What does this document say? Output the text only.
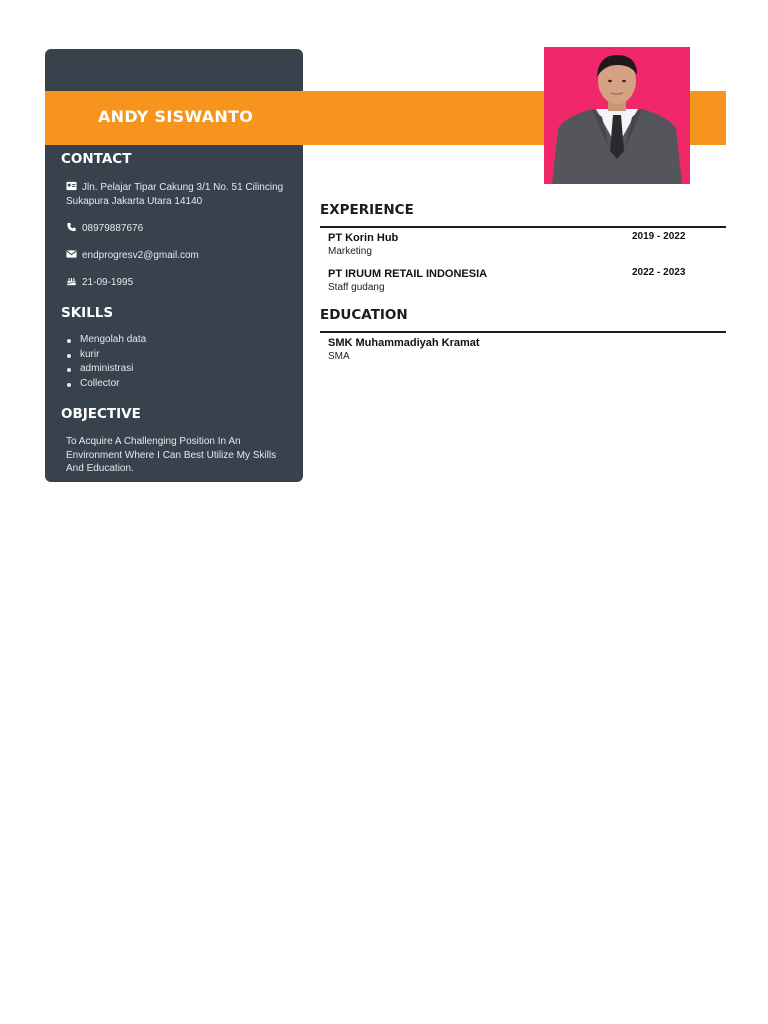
ANDY SISWANTO
CONTACT
Jln. Pelajar Tipar Cakung 3/1 No. 51 Cilincing Sukapura Jakarta Utara 14140
08979887676
endprogresv2@gmail.com
21-09-1995
SKILLS
Mengolah data
kurir
administrasi
Collector
OBJECTIVE
To Acquire A Challenging Position In An Environment Where I Can Best Utilize My Skills And Education.
EXPERIENCE
PT Korin Hub
Marketing
2019 - 2022
PT IRUUM RETAIL INDONESIA
Staff gudang
2022 - 2023
EDUCATION
SMK Muhammadiyah Kramat
SMA
